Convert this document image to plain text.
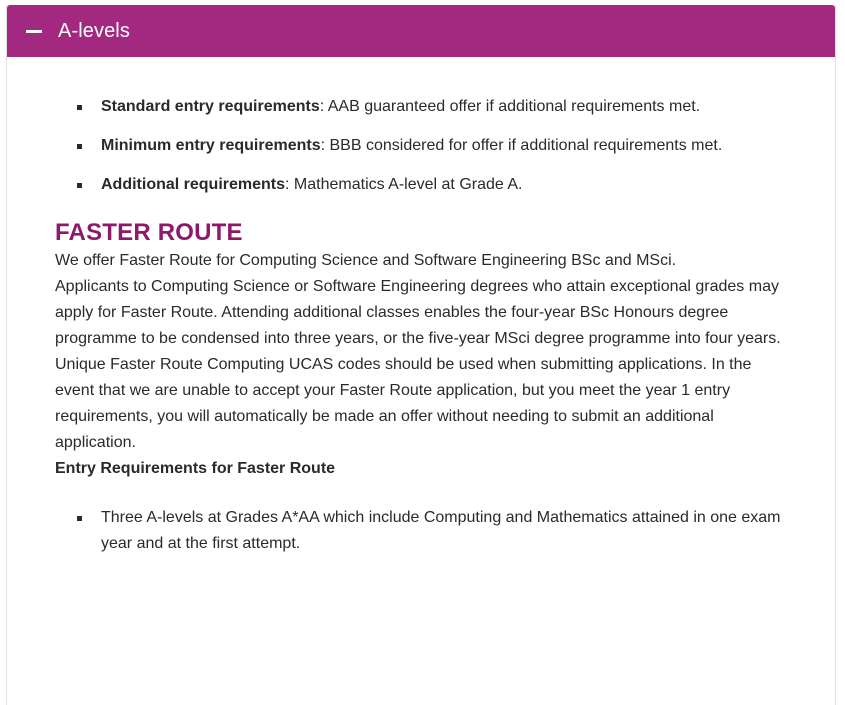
A-levels
Standard entry requirements: AAB guaranteed offer if additional requirements met.
Minimum entry requirements: BBB considered for offer if additional requirements met.
Additional requirements: Mathematics A-level at Grade A.
FASTER ROUTE

We offer Faster Route for Computing Science and Software Engineering BSc and MSci.

Applicants to Computing Science or Software Engineering degrees who attain exceptional grades may apply for Faster Route. Attending additional classes enables the four-year BSc Honours degree programme to be condensed into three years, or the five-year MSci degree programme into four years.

Unique Faster Route Computing UCAS codes should be used when submitting applications. In the event that we are unable to accept your Faster Route application, but you meet the year 1 entry requirements, you will automatically be made an offer without needing to submit an additional application.

Entry Requirements for Faster Route

Three A-levels at Grades A*AA which include Computing and Mathematics attained in one exam year and at the first attempt.
